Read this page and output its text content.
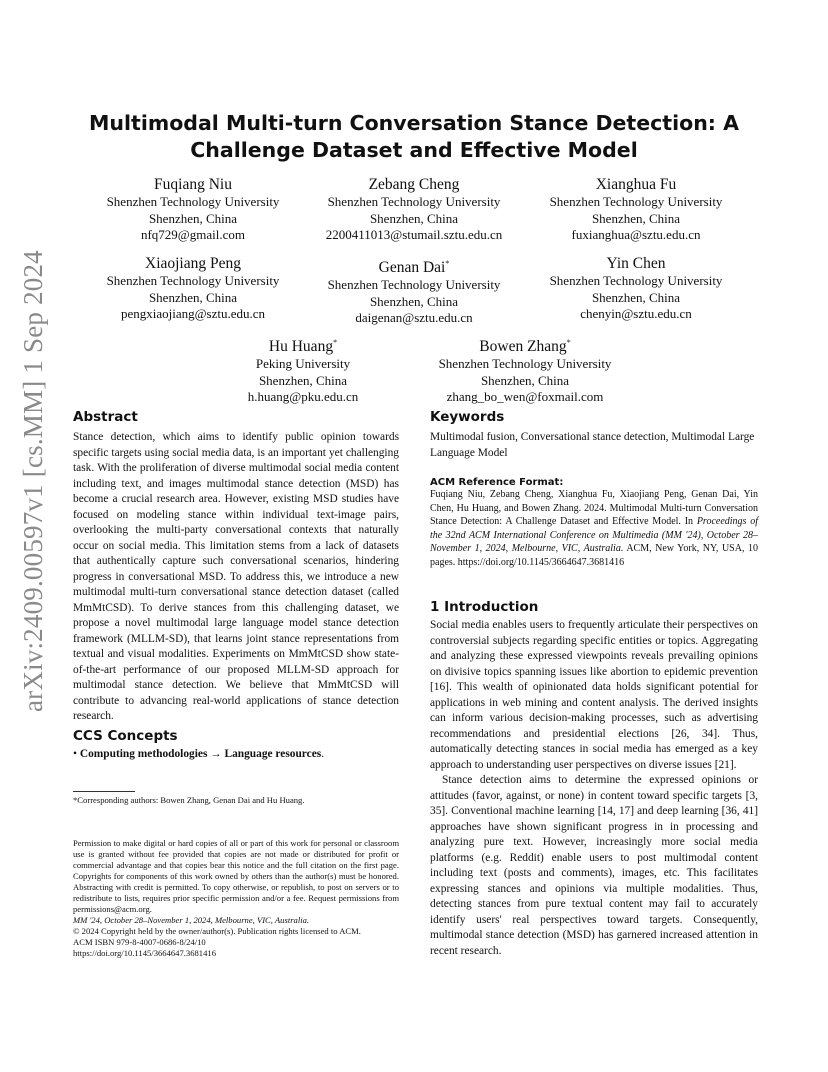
arXiv:2409.00597v1 [cs.MM] 1 Sep 2024
Multimodal Multi-turn Conversation Stance Detection: A
Challenge Dataset and Effective Model
Fuqiang Niu
Shenzhen Technology University
Shenzhen, China
nfq729@gmail.com
Zebang Cheng
Shenzhen Technology University
Shenzhen, China
2200411013@stumail.sztu.edu.cn
Xianghua Fu
Shenzhen Technology University
Shenzhen, China
fuxianghua@sztu.edu.cn
Xiaojiang Peng
Shenzhen Technology University
Shenzhen, China
pengxiaojiang@sztu.edu.cn
Genan Dai*
Shenzhen Technology University
Shenzhen, China
daigenan@sztu.edu.cn
Yin Chen
Shenzhen Technology University
Shenzhen, China
chenyin@sztu.edu.cn
Hu Huang*
Peking University
Shenzhen, China
h.huang@pku.edu.cn
Bowen Zhang*
Shenzhen Technology University
Shenzhen, China
zhang_bo_wen@foxmail.com
Abstract

Stance detection, which aims to identify public opinion towards specific targets using social media data, is an important yet challenging task. With the proliferation of diverse multimodal social media content including text, and images multimodal stance detection (MSD) has become a crucial research area. However, existing MSD studies have focused on modeling stance within individual text-image pairs, overlooking the multi-party conversational contexts that naturally occur on social media. This limitation stems from a lack of datasets that authentically capture such conversational scenarios, hindering progress in conversational MSD. To address this, we introduce a new multimodal multi-turn conversational stance detection dataset (called MmMtCSD). To derive stances from this challenging dataset, we propose a novel multimodal large language model stance detection framework (MLLM-SD), that learns joint stance representations from textual and visual modalities. Experiments on MmMtCSD show state-of-the-art performance of our proposed MLLM-SD approach for multimodal stance detection. We believe that MmMtCSD will contribute to advancing real-world applications of stance detection research.

CCS Concepts
• Computing methodologies → Language resources.
*Corresponding authors: Bowen Zhang, Genan Dai and Hu Huang.
Permission to make digital or hard copies of all or part of this work for personal or classroom use is granted without fee provided that copies are not made or distributed for profit or commercial advantage and that copies bear this notice and the full citation on the first page. Copyrights for components of this work owned by others than the author(s) must be honored. Abstracting with credit is permitted. To copy otherwise, or republish, to post on servers or to redistribute to lists, requires prior specific permission and/or a fee. Request permissions from permissions@acm.org.
MM '24, October 28–November 1, 2024, Melbourne, VIC, Australia.
© 2024 Copyright held by the owner/author(s). Publication rights licensed to ACM.
ACM ISBN 979-8-4007-0686-8/24/10
https://doi.org/10.1145/3664647.3681416
Keywords
Multimodal fusion, Conversational stance detection, Multimodal Large Language Model
ACM Reference Format:
Fuqiang Niu, Zebang Cheng, Xianghua Fu, Xiaojiang Peng, Genan Dai, Yin Chen, Hu Huang, and Bowen Zhang. 2024. Multimodal Multi-turn Conversation Stance Detection: A Challenge Dataset and Effective Model. In Proceedings of the 32nd ACM International Conference on Multimedia (MM '24), October 28–November 1, 2024, Melbourne, VIC, Australia. ACM, New York, NY, USA, 10 pages. https://doi.org/10.1145/3664647.3681416
1 Introduction

Social media enables users to frequently articulate their perspectives on controversial subjects regarding specific entities or topics. Aggregating and analyzing these expressed viewpoints reveals prevailing opinions on divisive topics spanning issues like abortion to epidemic prevention [16]. This wealth of opinionated data holds significant potential for applications in web mining and content analysis. The derived insights can inform various decision-making processes, such as advertising recommendations and presidential elections [26, 34]. Thus, automatically detecting stances in social media has emerged as a key approach to understanding user perspectives on diverse issues [21].

Stance detection aims to determine the expressed opinions or attitudes (favor, against, or none) in content toward specific targets [3, 35]. Conventional machine learning [14, 17] and deep learning [36, 41] approaches have shown significant progress in in processing and analyzing pure text. However, increasingly more social media platforms (e.g. Reddit) enable users to post multimodal content including text (posts and comments), images, etc. This facilitates expressing stances and opinions via multiple modalities. Thus, detecting stances from pure textual content may fail to accurately identify users' real perspectives toward targets. Consequently, multimodal stance detection (MSD) has garnered increased attention in recent research.
